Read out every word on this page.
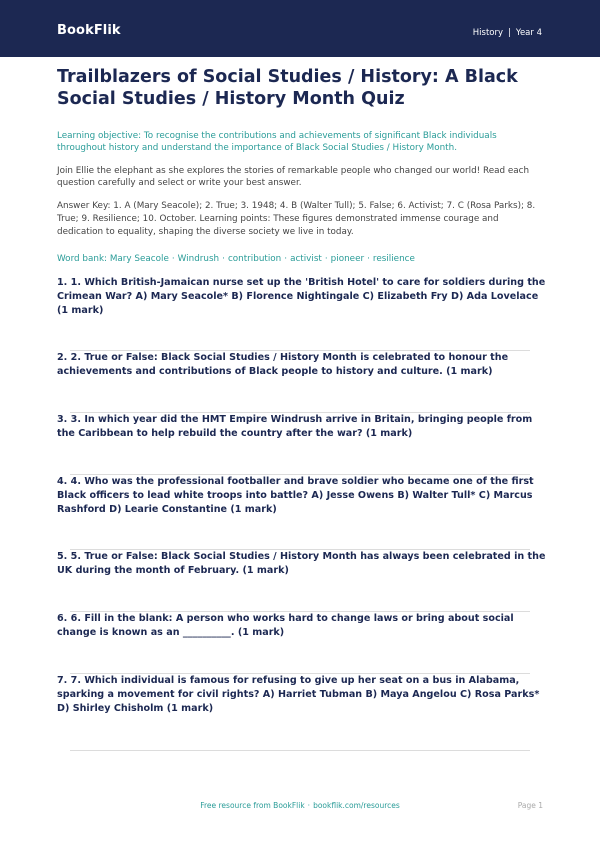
BookFlik	History | Year 4
Trailblazers of Social Studies / History: A Black Social Studies / History Month Quiz

Learning objective: To recognise the contributions and achievements of significant Black individuals throughout history and understand the importance of Black Social Studies / History Month.

Join Ellie the elephant as she explores the stories of remarkable people who changed our world! Read each question carefully and select or write your best answer.

Answer Key: 1. A (Mary Seacole); 2. True; 3. 1948; 4. B (Walter Tull); 5. False; 6. Activist; 7. C (Rosa Parks); 8. True; 9. Resilience; 10. October. Learning points: These figures demonstrated immense courage and dedication to equality, shaping the diverse society we live in today.

Word bank: Mary Seacole · Windrush · contribution · activist · pioneer · resilience

1. 1. Which British-Jamaican nurse set up the 'British Hotel' to care for soldiers during the Crimean War? A) Mary Seacole* B) Florence Nightingale C) Elizabeth Fry D) Ada Lovelace (1 mark)

2. 2. True or False: Black Social Studies / History Month is celebrated to honour the achievements and contributions of Black people to history and culture. (1 mark)

3. 3. In which year did the HMT Empire Windrush arrive in Britain, bringing people from the Caribbean to help rebuild the country after the war? (1 mark)

4. 4. Who was the professional footballer and brave soldier who became one of the first Black officers to lead white troops into battle? A) Jesse Owens B) Walter Tull* C) Marcus Rashford D) Learie Constantine (1 mark)

5. 5. True or False: Black Social Studies / History Month has always been celebrated in the UK during the month of February. (1 mark)

6. 6. Fill in the blank: A person who works hard to change laws or bring about social change is known as an __________. (1 mark)

7. 7. Which individual is famous for refusing to give up her seat on a bus in Alabama, sparking a movement for civil rights? A) Harriet Tubman B) Maya Angelou C) Rosa Parks* D) Shirley Chisholm (1 mark)

Free resource from BookFlik · bookflik.com/resources	Page 1
